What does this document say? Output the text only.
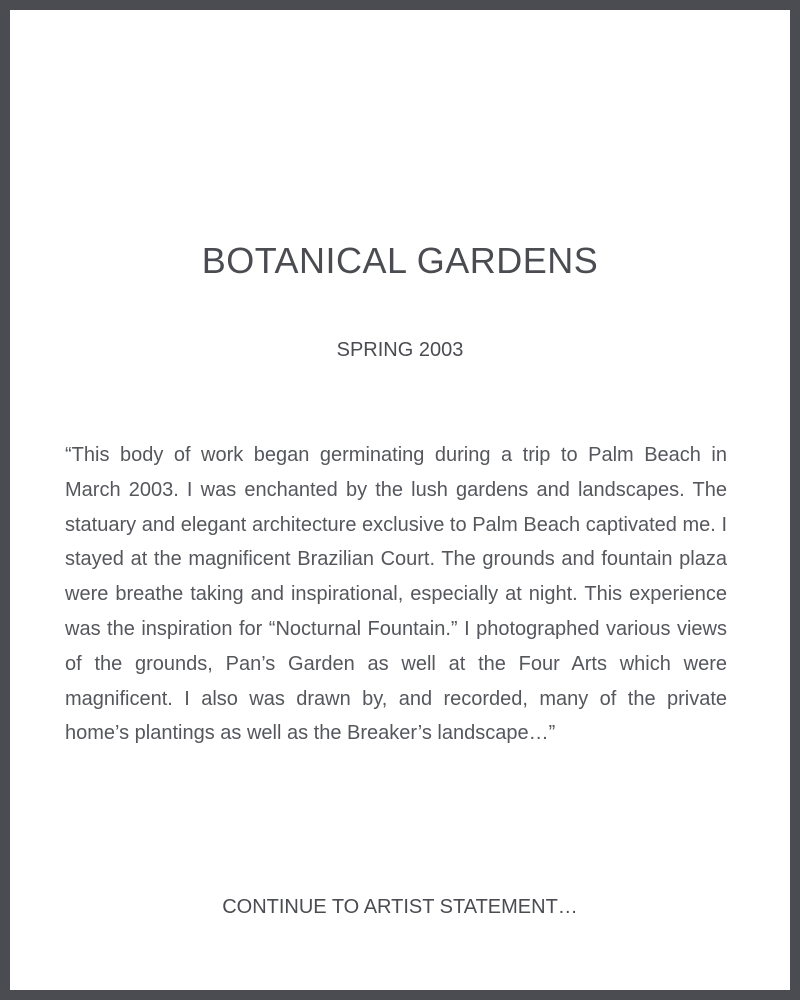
BOTANICAL GARDENS
SPRING 2003

“This body of work began germinating during a trip to Palm Beach in March 2003. I was enchanted by the lush gardens and landscapes. The statuary and elegant architecture exclusive to Palm Beach captivated me. I stayed at the magnificent Brazilian Court. The grounds and fountain plaza were breathe taking and inspirational, especially at night. This experience was the inspiration for “Nocturnal Fountain.” I photographed various views of the grounds, Pan’s Garden as well at the Four Arts which were magnificent. I also was drawn by, and recorded, many of the private home’s plantings as well as the Breaker’s landscape…”

CONTINUE TO ARTIST STATEMENT…
